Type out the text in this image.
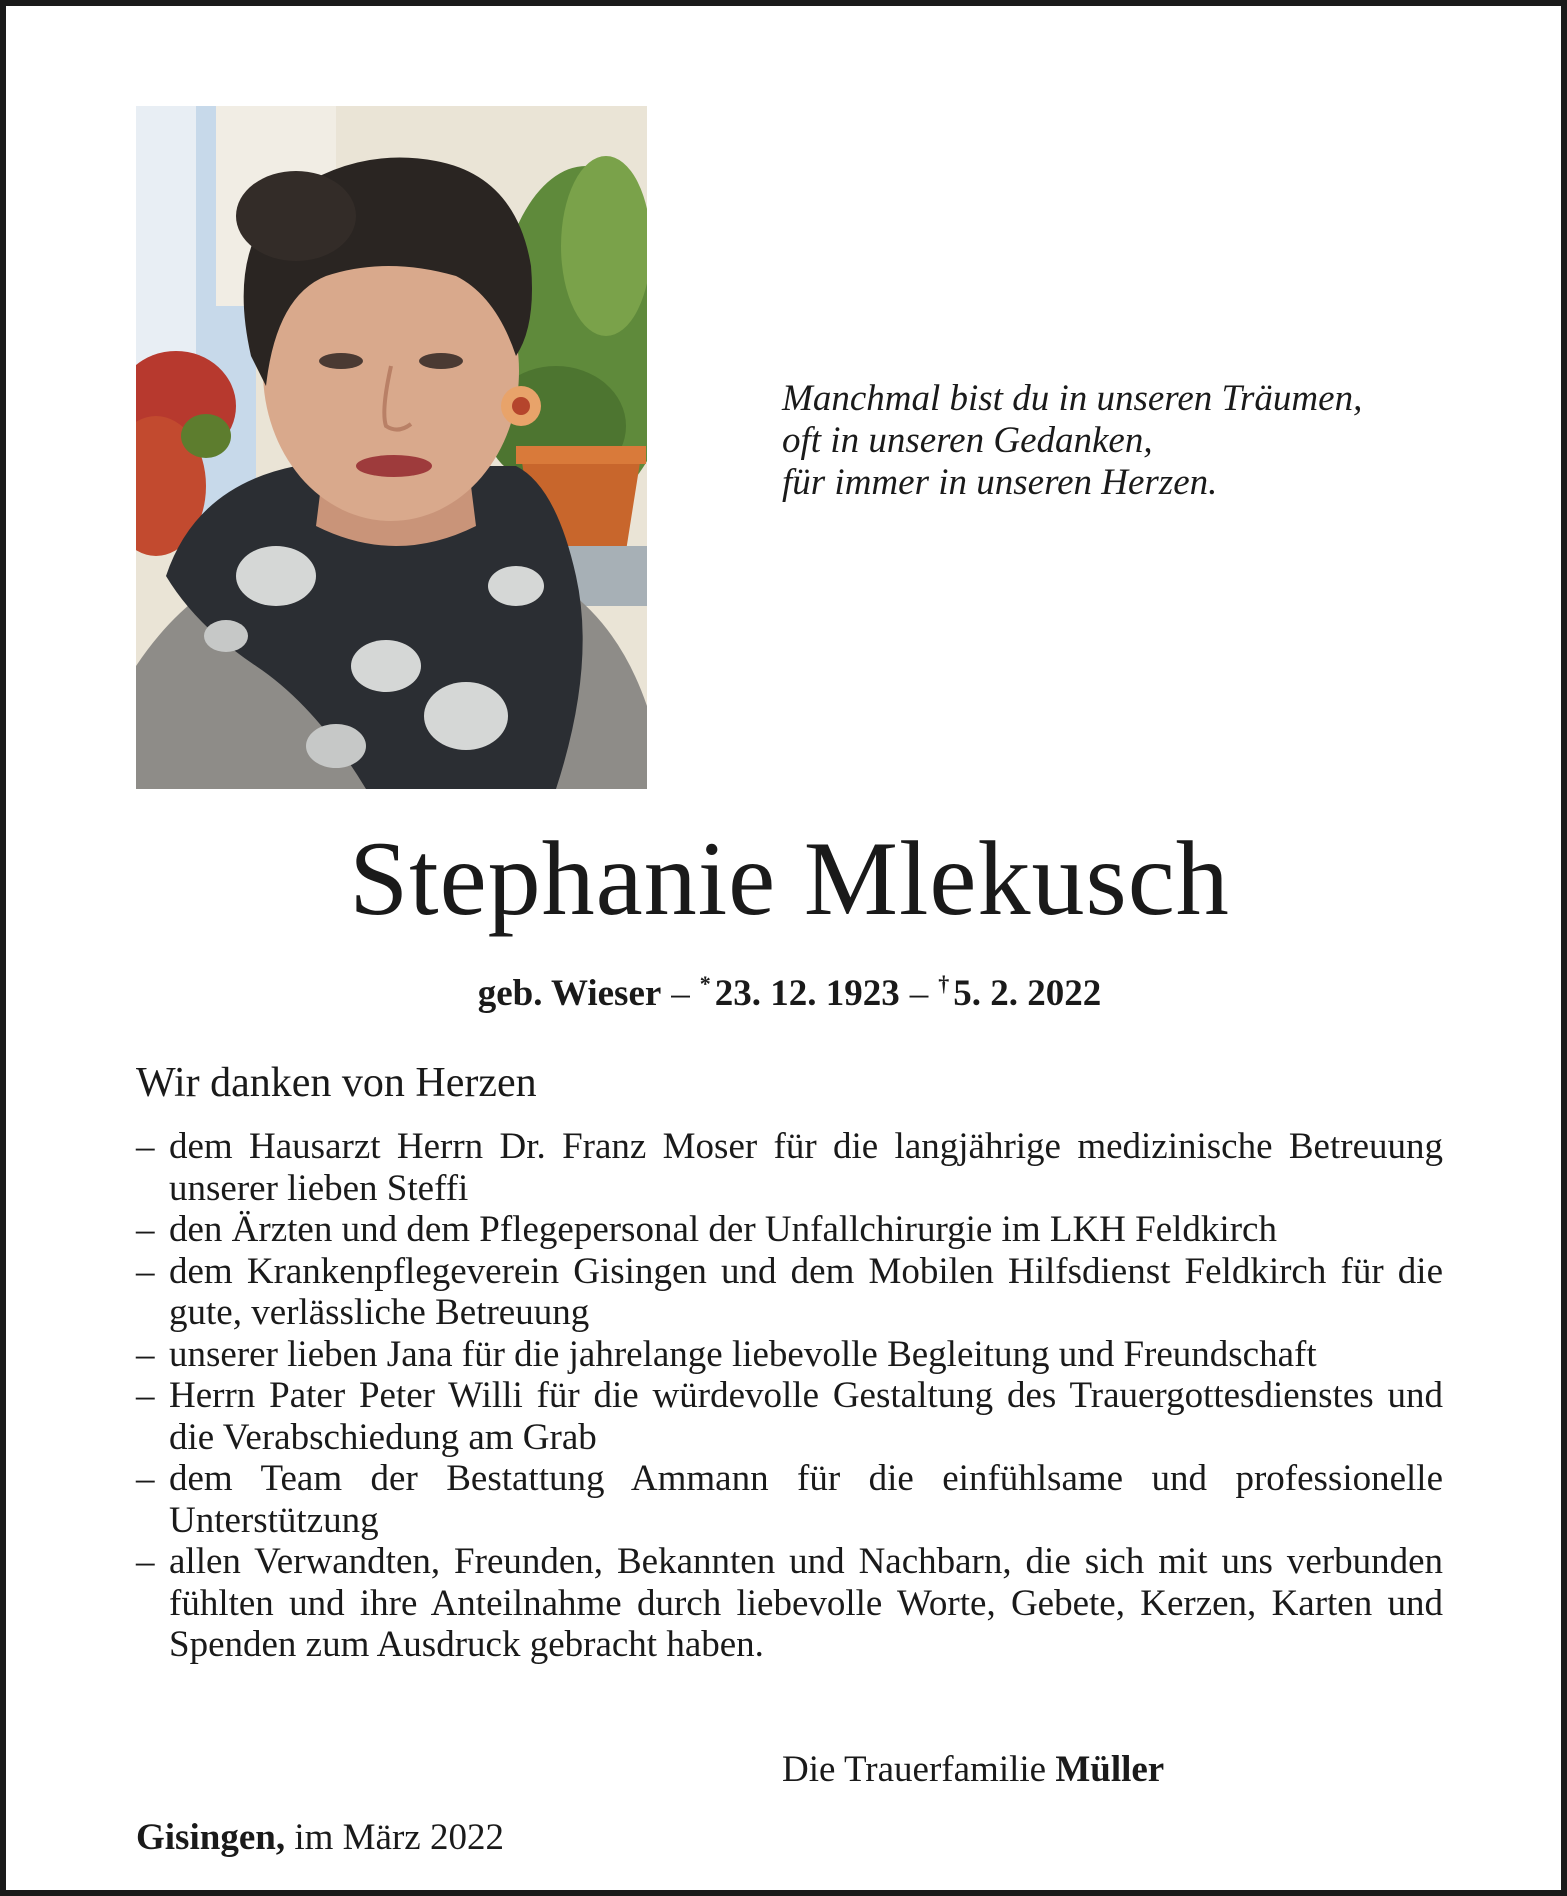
Manchmal bist du in unseren Träumen,
oft in unseren Gedanken,
für immer in unseren Herzen.
Stephanie Mlekusch
geb. Wieser – * 23. 12. 1923 – † 5. 2. 2022
Wir danken von Herzen
– dem Hausarzt Herrn Dr. Franz Moser für die langjährige medizinische Betreuung unserer lieben Steffi
– den Ärzten und dem Pflegepersonal der Unfallchirurgie im LKH Feldkirch
– dem Krankenpflegeverein Gisingen und dem Mobilen Hilfsdienst Feldkirch für die gute, verlässliche Betreuung
– unserer lieben Jana für die jahrelange liebevolle Begleitung und Freundschaft
– Herrn Pater Peter Willi für die würdevolle Gestaltung des Trauergottesdienstes und die Verabschiedung am Grab
– dem Team der Bestattung Ammann für die einfühlsame und professionelle Unterstützung
– allen Verwandten, Freunden, Bekannten und Nachbarn, die sich mit uns verbunden fühlten und ihre Anteilnahme durch liebevolle Worte, Gebete, Kerzen, Karten und Spenden zum Ausdruck gebracht haben.
Die Trauerfamilie Müller
Gisingen, im März 2022
